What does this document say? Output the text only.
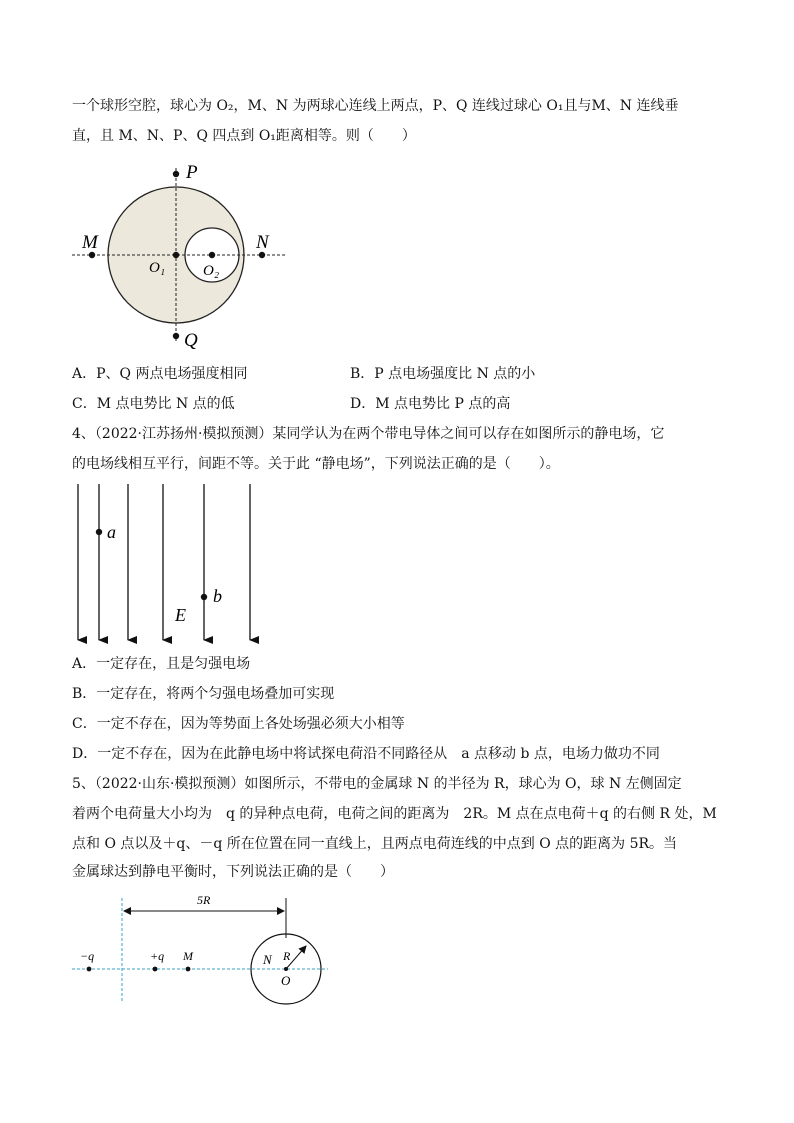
一个球形空腔，球心为 O₂，M、N 为两球心连线上两点，P、Q 连线过球心 O₁且与M、N 连线垂
直，且 M、N、P、Q 四点到 O₁距离相等。则（　　）
P
Q
M	N
O₁	O₂
A．P、Q 两点电场强度相同	B．P 点电场强度比 N 点的小
C．M 点电势比 N 点的低	D．M 点电势比 P 点的高
4、（2022·江苏扬州·模拟预测）某同学认为在两个带电导体之间可以存在如图所示的静电场，它
的电场线相互平行，间距不等。关于此 “静电场”，下列说法正确的是（　　）。
a
b
E
A．一定存在，且是匀强电场
B．一定存在，将两个匀强电场叠加可实现
C．一定不存在，因为等势面上各处场强必须大小相等
D．一定不存在，因为在此静电场中将试探电荷沿不同路径从　a 点移动 b 点，电场力做功不同
5、（2022·山东·模拟预测）如图所示，不带电的金属球 N 的半径为 R，球心为 O，球 N 左侧固定
着两个电荷量大小均为　q 的异种点电荷，电荷之间的距离为　2R。M 点在点电荷＋q 的右侧 R 处，M
点和 O 点以及＋q、－q 所在位置在同一直线上，且两点电荷连线的中点到 O 点的距离为 5R。当
金属球达到静电平衡时，下列说法正确的是（　　）
5R
−q	+q M	N R
O
